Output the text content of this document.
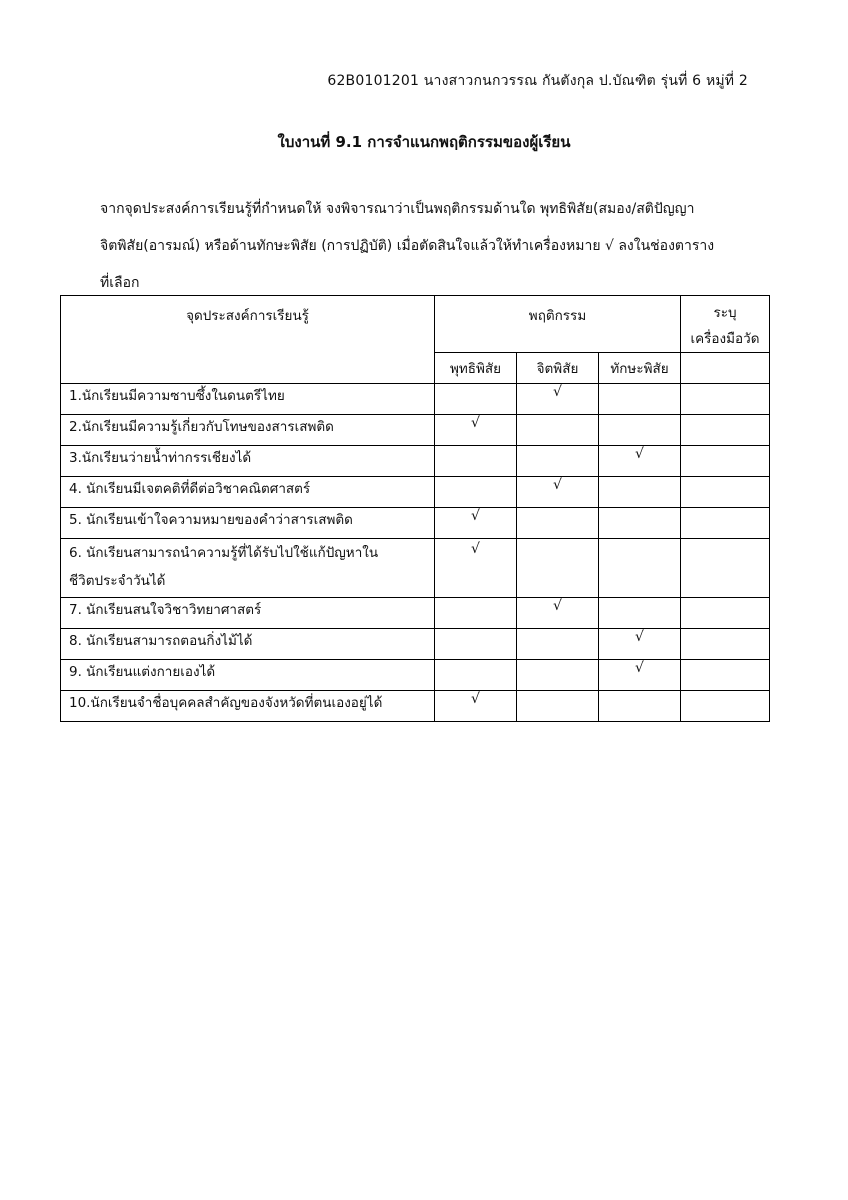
62B0101201 นางสาวกนกวรรณ กันตังกุล ป.บัณฑิต รุ่นที่ 6 หมู่ที่ 2
ใบงานที่ 9.1 การจำแนกพฤติกรรมของผู้เรียน
จากจุดประสงค์การเรียนรู้ที่กำหนดให้ จงพิจารณาว่าเป็นพฤติกรรมด้านใด พุทธิพิสัย(สมอง/สติปัญญา
จิตพิสัย(อารมณ์) หรือด้านทักษะพิสัย (การปฏิบัติ) เมื่อตัดสินใจแล้วให้ทำเครื่องหมาย √ ลงในช่องตาราง
ที่เลือก
จุดประสงค์การเรียนรู้	พฤติกรรม			ระบุ
เครื่องมือวัด
	พุทธิพิสัย	จิตพิสัย	ทักษะพิสัย	
1.นักเรียนมีความซาบซึ้งในดนตรีไทย		√		
2.นักเรียนมีความรู้เกี่ยวกับโทษของสารเสพติด	√			
3.นักเรียนว่ายน้ำท่ากรรเชียงได้			√	
4. นักเรียนมีเจตคติที่ดีต่อวิชาคณิตศาสตร์		√		
5. นักเรียนเข้าใจความหมายของคำว่าสารเสพติด	√			
6. นักเรียนสามารถนำความรู้ที่ได้รับไปใช้แก้ปัญหาใน
ชีวิตประจำวันได้	√			
7. นักเรียนสนใจวิชาวิทยาศาสตร์		√		
8. นักเรียนสามารถตอนกิ่งไม้ได้			√	
9. นักเรียนแต่งกายเองได้			√	
10.นักเรียนจำชื่อบุคคลสำคัญของจังหวัดที่ตนเองอยู่ได้	√			
